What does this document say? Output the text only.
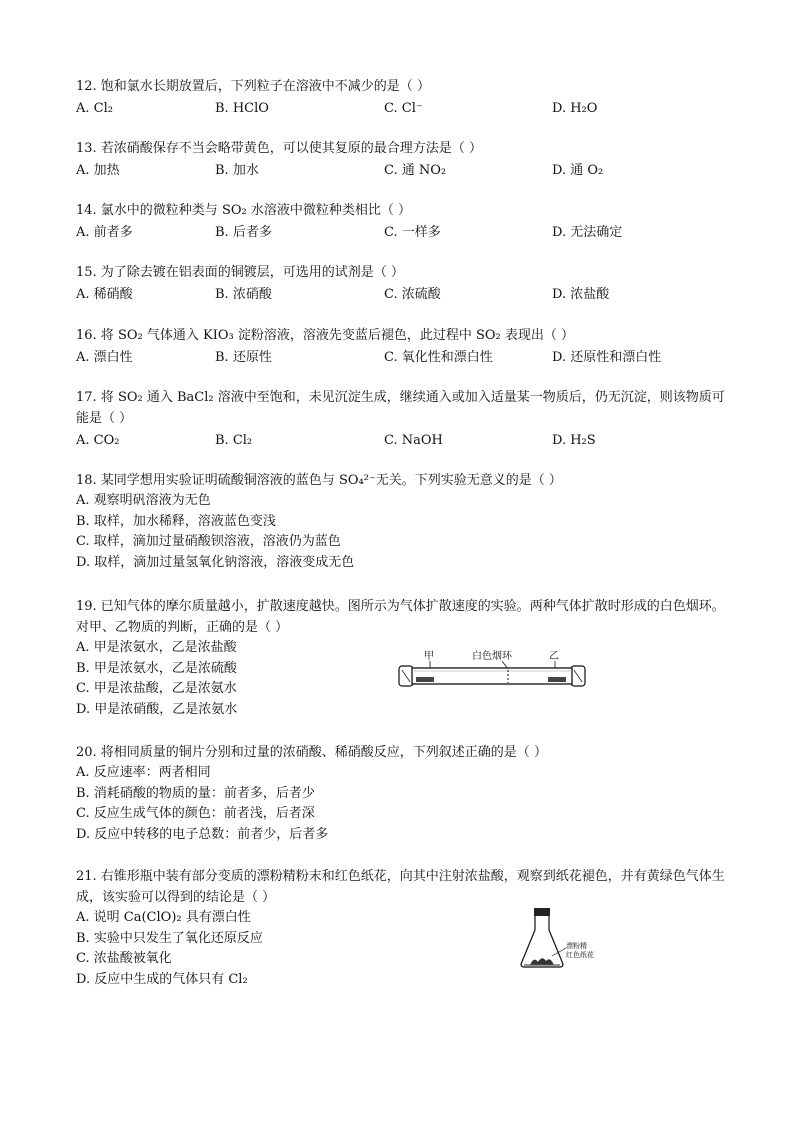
12. 饱和氯水长期放置后，下列粒子在溶液中不减少的是（ ）
A. Cl₂	B. HClO	C. Cl⁻	D. H₂O
13. 若浓硝酸保存不当会略带黄色，可以使其复原的最合理方法是（ ）
A. 加热	B. 加水	C. 通 NO₂	D. 通 O₂
14. 氯水中的微粒种类与 SO₂ 水溶液中微粒种类相比（ ）
A. 前者多	B. 后者多	C. 一样多	D. 无法确定
15. 为了除去镀在铝表面的铜镀层，可选用的试剂是（ ）
A. 稀硝酸	B. 浓硝酸	C. 浓硫酸	D. 浓盐酸
16. 将 SO₂ 气体通入 KIO₃ 淀粉溶液，溶液先变蓝后褪色，此过程中 SO₂ 表现出（ ）
A. 漂白性	B. 还原性	C. 氧化性和漂白性	D. 还原性和漂白性
17. 将 SO₂ 通入 BaCl₂ 溶液中至饱和，未见沉淀生成，继续通入或加入适量某一物质后，仍无沉淀，则该物质可能是（ ）
A. CO₂	B. Cl₂	C. NaOH	D. H₂S
18. 某同学想用实验证明硫酸铜溶液的蓝色与 SO₄²⁻无关。下列实验无意义的是（ ）
A. 观察明矾溶液为无色
B. 取样，加水稀释，溶液蓝色变浅
C. 取样，滴加过量硝酸钡溶液，溶液仍为蓝色
D. 取样，滴加过量氢氧化钠溶液，溶液变成无色
19. 已知气体的摩尔质量越小，扩散速度越快。图所示为气体扩散速度的实验。两种气体扩散时形成的白色烟环。对甲、乙物质的判断，正确的是（ ）
A. 甲是浓氨水，乙是浓盐酸
B. 甲是浓氨水，乙是浓硫酸
C. 甲是浓盐酸，乙是浓氨水
D. 甲是浓硝酸，乙是浓氨水
甲	白色烟环	乙
20. 将相同质量的铜片分别和过量的浓硝酸、稀硝酸反应，下列叙述正确的是（ ）
A. 反应速率：两者相同
B. 消耗硝酸的物质的量：前者多，后者少
C. 反应生成气体的颜色：前者浅，后者深
D. 反应中转移的电子总数：前者少，后者多
21. 右锥形瓶中装有部分变质的漂粉精粉末和红色纸花，向其中注射浓盐酸，观察到纸花褪色，并有黄绿色气体生成，该实验可以得到的结论是（ ）
A. 说明 Ca(ClO)₂ 具有漂白性
B. 实验中只发生了氧化还原反应
C. 浓盐酸被氧化
D. 反应中生成的气体只有 Cl₂
漂粉精
红色纸花
